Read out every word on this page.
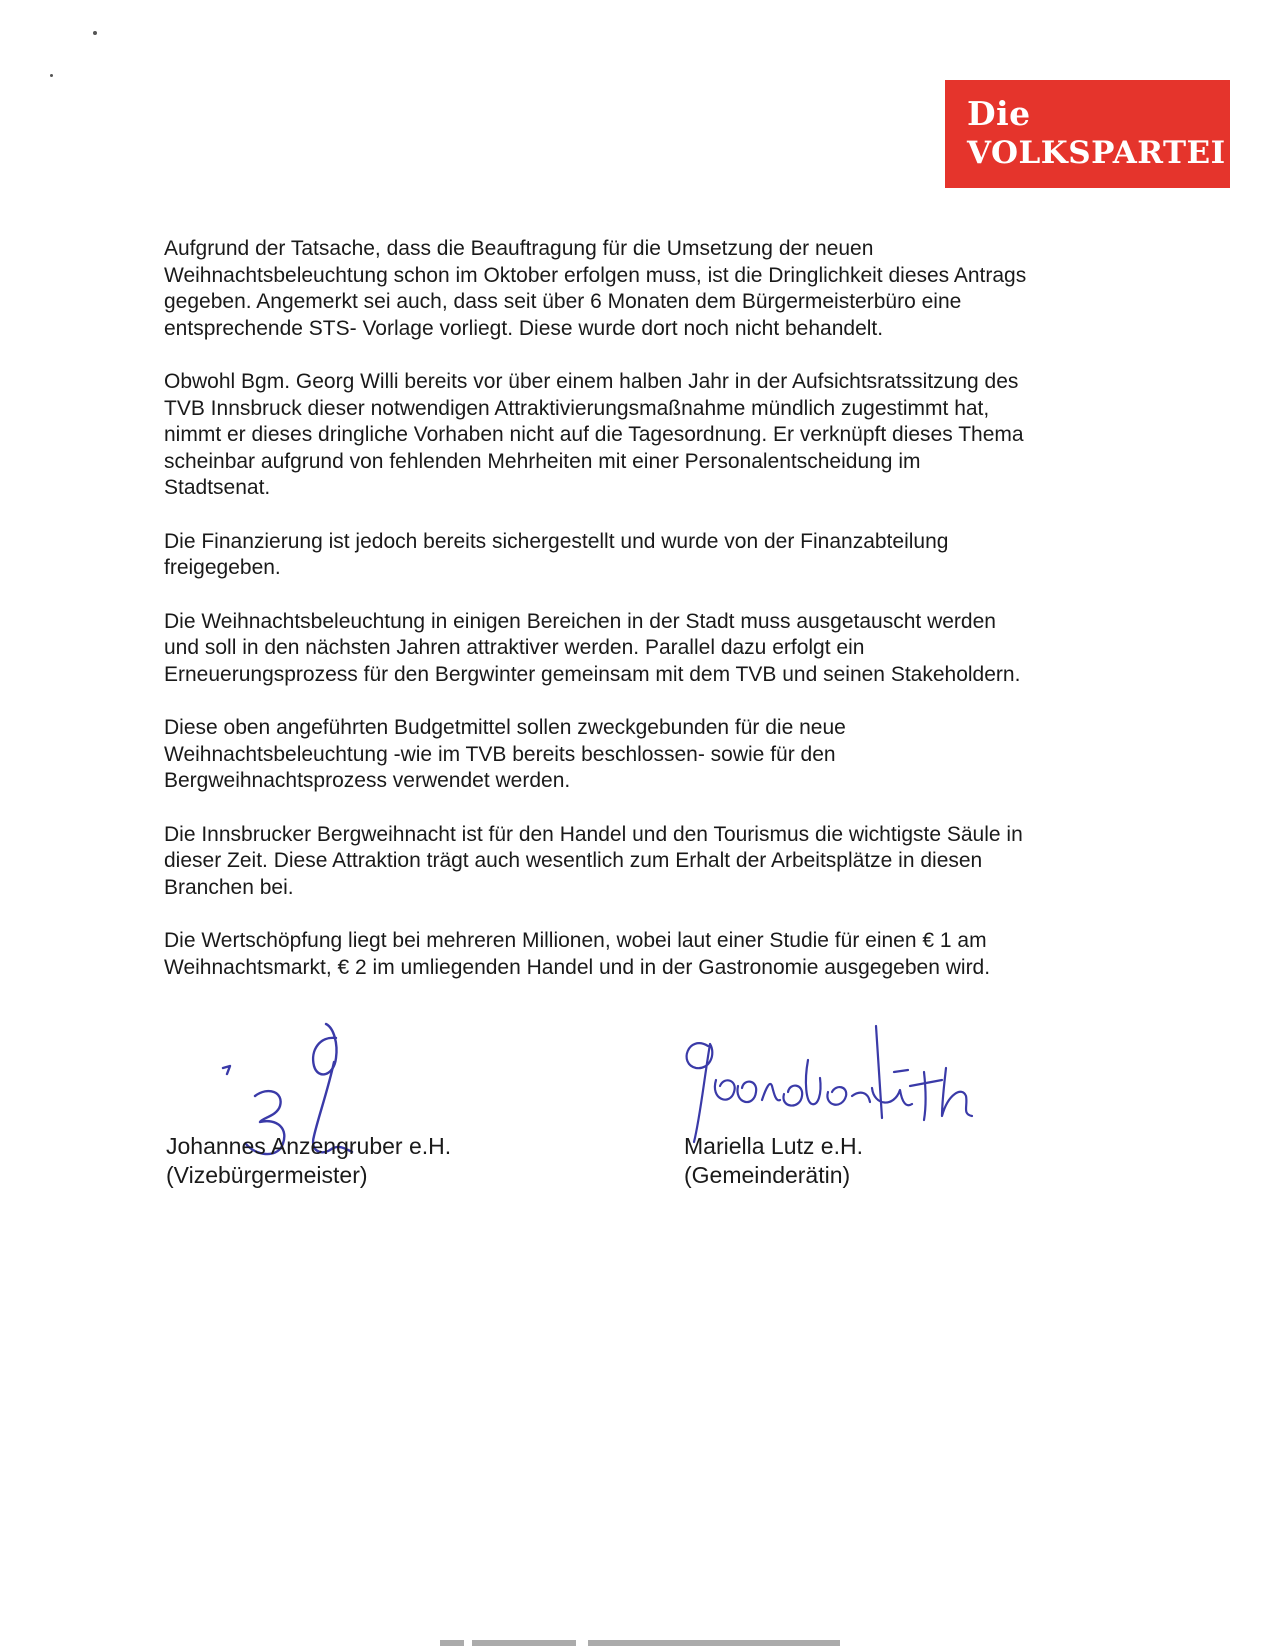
Die
VOLKSPARTEI

Aufgrund der Tatsache, dass die Beauftragung für die Umsetzung der neuen
Weihnachtsbeleuchtung schon im Oktober erfolgen muss, ist die Dringlichkeit dieses Antrags
gegeben. Angemerkt sei auch, dass seit über 6 Monaten dem Bürgermeisterbüro eine
entsprechende STS- Vorlage vorliegt. Diese wurde dort noch nicht behandelt.

Obwohl Bgm. Georg Willi bereits vor über einem halben Jahr in der Aufsichtsratssitzung des
TVB Innsbruck dieser notwendigen Attraktivierungsmaßnahme mündlich zugestimmt hat,
nimmt er dieses dringliche Vorhaben nicht auf die Tagesordnung. Er verknüpft dieses Thema
scheinbar aufgrund von fehlenden Mehrheiten mit einer Personalentscheidung im
Stadtsenat.

Die Finanzierung ist jedoch bereits sichergestellt und wurde von der Finanzabteilung
freigegeben.

Die Weihnachtsbeleuchtung in einigen Bereichen in der Stadt muss ausgetauscht werden
und soll in den nächsten Jahren attraktiver werden. Parallel dazu erfolgt ein
Erneuerungsprozess für den Bergwinter gemeinsam mit dem TVB und seinen Stakeholdern.

Diese oben angeführten Budgetmittel sollen zweckgebunden für die neue
Weihnachtsbeleuchtung -wie im TVB bereits beschlossen- sowie für den
Bergweihnachtsprozess verwendet werden.

Die Innsbrucker Bergweihnacht ist für den Handel und den Tourismus die wichtigste Säule in
dieser Zeit. Diese Attraktion trägt auch wesentlich zum Erhalt der Arbeitsplätze in diesen
Branchen bei.

Die Wertschöpfung liegt bei mehreren Millionen, wobei laut einer Studie für einen € 1 am
Weihnachtsmarkt, € 2 im umliegenden Handel und in der Gastronomie ausgegeben wird.

Johannes Anzengruber e.H.
(Vizebürgermeister)
Mariella Lutz e.H.
(Gemeinderätin)
